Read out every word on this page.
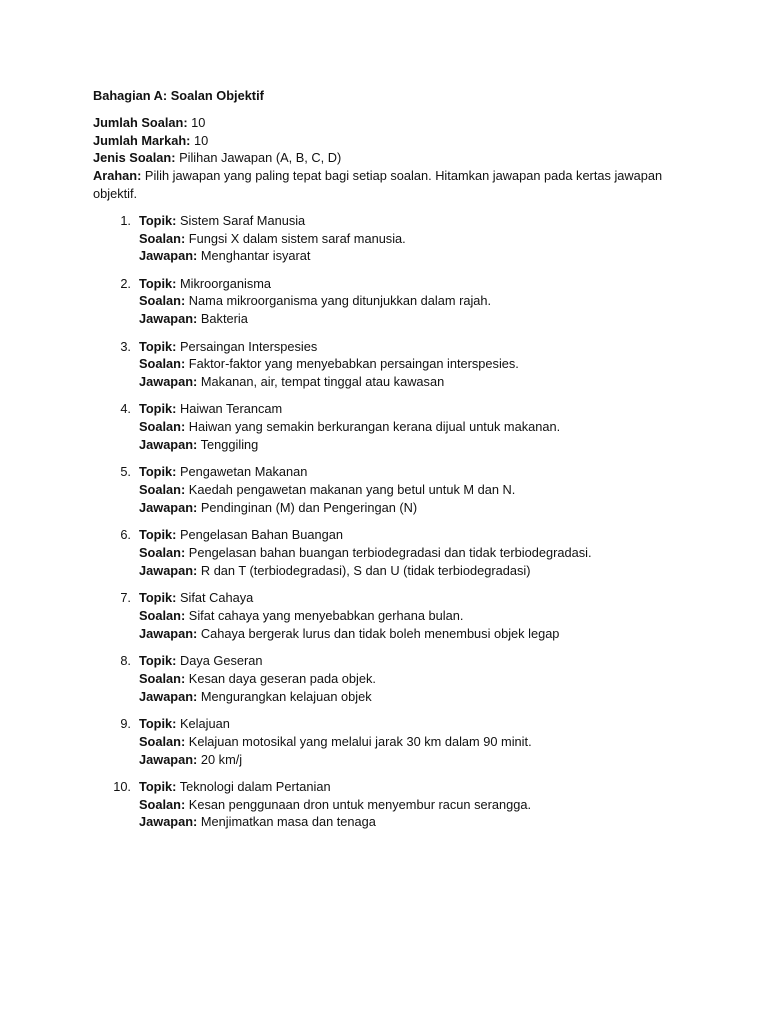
Bahagian A: Soalan Objektif

Jumlah Soalan: 10

Jumlah Markah: 10

Jenis Soalan: Pilihan Jawapan (A, B, C, D)

Arahan: Pilih jawapan yang paling tepat bagi setiap soalan. Hitamkan jawapan pada kertas jawapan objektif.

1. Topik: Sistem Saraf Manusia
Soalan: Fungsi X dalam sistem saraf manusia.
Jawapan: Menghantar isyarat
2. Topik: Mikroorganisma
Soalan: Nama mikroorganisma yang ditunjukkan dalam rajah.
Jawapan: Bakteria
3. Topik: Persaingan Interspesies
Soalan: Faktor-faktor yang menyebabkan persaingan interspesies.
Jawapan: Makanan, air, tempat tinggal atau kawasan
4. Topik: Haiwan Terancam
Soalan: Haiwan yang semakin berkurangan kerana dijual untuk makanan.
Jawapan: Tenggiling
5. Topik: Pengawetan Makanan
Soalan: Kaedah pengawetan makanan yang betul untuk M dan N.
Jawapan: Pendinginan (M) dan Pengeringan (N)
6. Topik: Pengelasan Bahan Buangan
Soalan: Pengelasan bahan buangan terbiodegradasi dan tidak terbiodegradasi.
Jawapan: R dan T (terbiodegradasi), S dan U (tidak terbiodegradasi)
7. Topik: Sifat Cahaya
Soalan: Sifat cahaya yang menyebabkan gerhana bulan.
Jawapan: Cahaya bergerak lurus dan tidak boleh menembusi objek legap
8. Topik: Daya Geseran
Soalan: Kesan daya geseran pada objek.
Jawapan: Mengurangkan kelajuan objek
9. Topik: Kelajuan
Soalan: Kelajuan motosikal yang melalui jarak 30 km dalam 90 minit.
Jawapan: 20 km/j
10. Topik: Teknologi dalam Pertanian
Soalan: Kesan penggunaan dron untuk menyembur racun serangga.
Jawapan: Menjimatkan masa dan tenaga
